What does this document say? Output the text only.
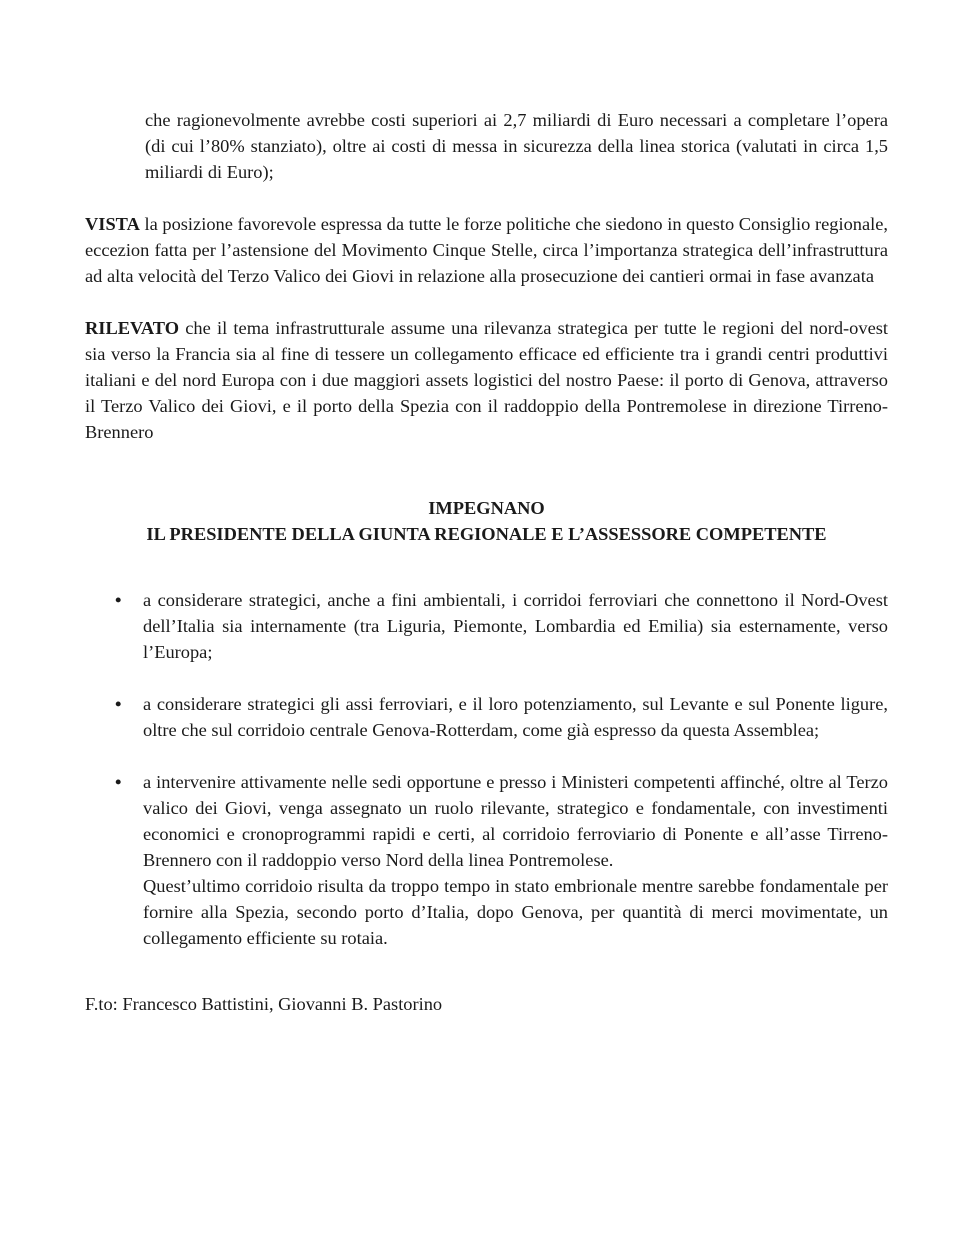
che ragionevolmente avrebbe costi superiori ai 2,7 miliardi di Euro necessari a completare l’opera (di cui l’80% stanziato), oltre ai costi di messa in sicurezza della linea storica (valutati in circa 1,5 miliardi di Euro);

VISTA la posizione favorevole espressa da tutte le forze politiche che siedono in questo Consiglio regionale, eccezion fatta per l’astensione del Movimento Cinque Stelle, circa l’importanza strategica dell’infrastruttura ad alta velocità del Terzo Valico dei Giovi in relazione alla prosecuzione dei cantieri ormai in fase avanzata

RILEVATO che il tema infrastrutturale assume una rilevanza strategica per tutte le regioni del nord-ovest sia verso la Francia sia al fine di tessere un collegamento efficace ed efficiente tra i grandi centri produttivi italiani e del nord Europa con i due maggiori assets logistici del nostro Paese: il porto di Genova, attraverso il Terzo Valico dei Giovi, e il porto della Spezia con il raddoppio della Pontremolese in direzione Tirreno-Brennero

IMPEGNANO
IL PRESIDENTE DELLA GIUNTA REGIONALE E L’ASSESSORE COMPETENTE
• a considerare strategici, anche a fini ambientali, i corridoi ferroviari che connettono il Nord-Ovest dell’Italia sia internamente (tra Liguria, Piemonte, Lombardia ed Emilia) sia esternamente, verso l’Europa;
• a considerare strategici gli assi ferroviari, e il loro potenziamento, sul Levante e sul Ponente ligure, oltre che sul corridoio centrale Genova-Rotterdam, come già espresso da questa Assemblea;
• a intervenire attivamente nelle sedi opportune e presso i Ministeri competenti affinché, oltre al Terzo valico dei Giovi, venga assegnato un ruolo rilevante, strategico e fondamentale, con investimenti economici e cronoprogrammi rapidi e certi, al corridoio ferroviario di Ponente e all’asse Tirreno-Brennero con il raddoppio verso Nord della linea Pontremolese.
Quest’ultimo corridoio risulta da troppo tempo in stato embrionale mentre sarebbe fondamentale per fornire alla Spezia, secondo porto d’Italia, dopo Genova, per quantità di merci movimentate, un collegamento efficiente su rotaia.

F.to: Francesco Battistini, Giovanni B. Pastorino
